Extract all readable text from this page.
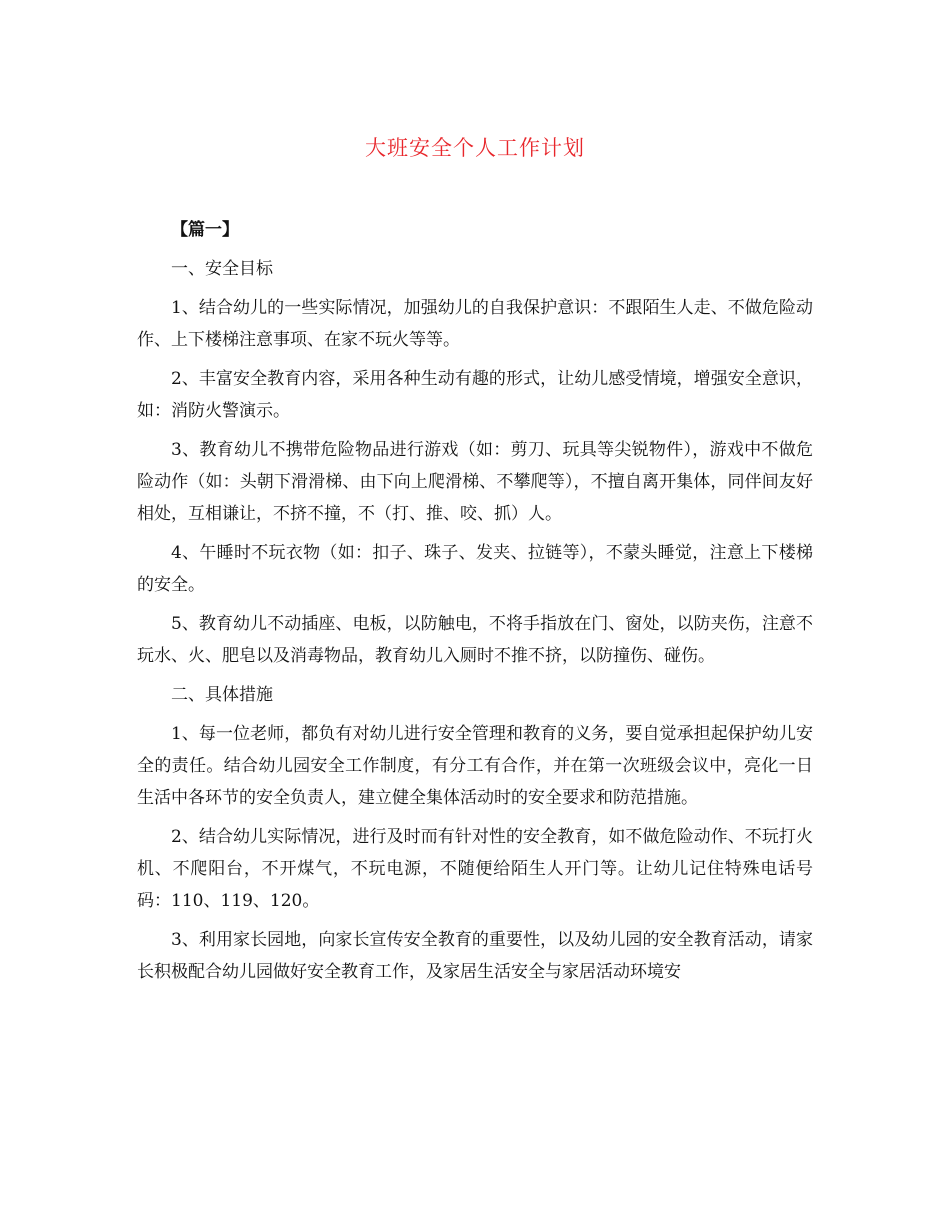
大班安全个人工作计划

【篇一】

一、安全目标

1、结合幼儿的一些实际情况，加强幼儿的自我保护意识：不跟陌生人走、不做危险动作、上下楼梯注意事项、在家不玩火等等。

2、丰富安全教育内容，采用各种生动有趣的形式，让幼儿感受情境，增强安全意识，如：消防火警演示。

3、教育幼儿不携带危险物品进行游戏（如：剪刀、玩具等尖锐物件），游戏中不做危险动作（如：头朝下滑滑梯、由下向上爬滑梯、不攀爬等），不擅自离开集体，同伴间友好相处，互相谦让，不挤不撞，不（打、推、咬、抓）人。

4、午睡时不玩衣物（如：扣子、珠子、发夹、拉链等），不蒙头睡觉，注意上下楼梯的安全。

5、教育幼儿不动插座、电板，以防触电，不将手指放在门、窗处，以防夹伤，注意不玩水、火、肥皂以及消毒物品，教育幼儿入厕时不推不挤，以防撞伤、碰伤。

二、具体措施

1、每一位老师，都负有对幼儿进行安全管理和教育的义务，要自觉承担起保护幼儿安全的责任。结合幼儿园安全工作制度，有分工有合作，并在第一次班级会议中，亮化一日生活中各环节的安全负责人，建立健全集体活动时的安全要求和防范措施。

2、结合幼儿实际情况，进行及时而有针对性的安全教育，如不做危险动作、不玩打火机、不爬阳台，不开煤气，不玩电源，不随便给陌生人开门等。让幼儿记住特殊电话号码：110、119、120。

3、利用家长园地，向家长宣传安全教育的重要性，以及幼儿园的安全教育活动，请家长积极配合幼儿园做好安全教育工作，及家居生活安全与家居活动环境安
